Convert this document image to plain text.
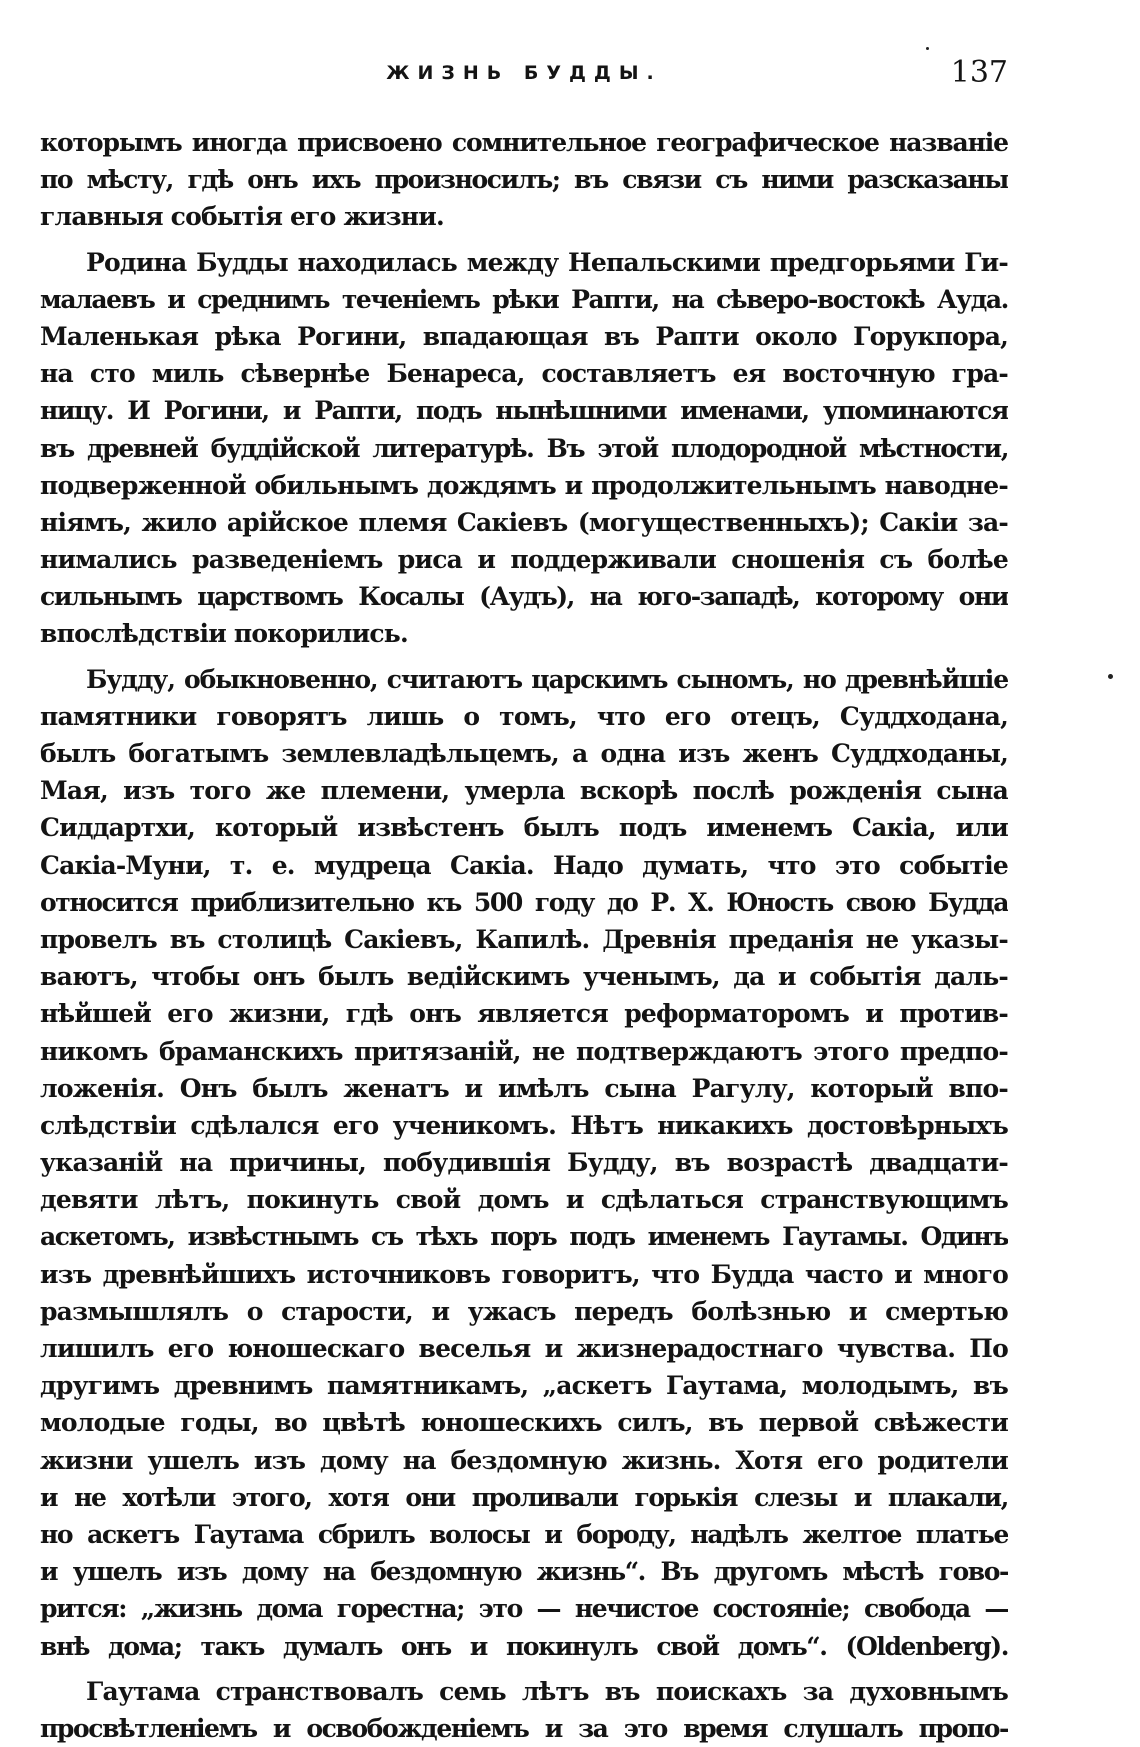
ЖИЗНЬ БУДДЫ.	137
которымъ иногда присвоено сомнительное географическое названіе
по мѣсту, гдѣ онъ ихъ произносилъ; въ связи съ ними разсказаны
главныя событія его жизни.
Родина Будды находилась между Непальскими предгорьями Ги-
малаевъ и среднимъ теченіемъ рѣки Рапти, на сѣверо-востокѣ Ауда.
Маленькая рѣка Рогини, впадающая въ Рапти около Горукпора,
на сто миль сѣвернѣе Бенареса, составляетъ ея восточную гра-
ницу. И Рогини, и Рапти, подъ нынѣшними именами, упоминаются
въ древней буддійской литературѣ. Въ этой плодородной мѣстности,
подверженной обильнымъ дождямъ и продолжительнымъ наводне-
ніямъ, жило арійское племя Сакіевъ (могущественныхъ); Сакіи за-
нимались разведеніемъ риса и поддерживали сношенія съ болѣе
сильнымъ царствомъ Косалы (Аудъ), на юго-западѣ, которому они
впослѣдствіи покорились.
Будду, обыкновенно, считаютъ царскимъ сыномъ, но древнѣйшіе
памятники говорятъ лишь о томъ, что его отецъ, Суддходана,
былъ богатымъ землевладѣльцемъ, а одна изъ женъ Суддходаны,
Мая, изъ того же племени, умерла вскорѣ послѣ рожденія сына
Сиддартхи, который извѣстенъ былъ подъ именемъ Сакіа, или
Сакіа-Муни, т. е. мудреца Сакіа. Надо думать, что это событіе
относится приблизительно къ 500 году до Р. Х. Юность свою Будда
провелъ въ столицѣ Сакіевъ, Капилѣ. Древнія преданія не указы-
ваютъ, чтобы онъ былъ ведійскимъ ученымъ, да и событія даль-
нѣйшей его жизни, гдѣ онъ является реформаторомъ и против-
никомъ браманскихъ притязаній, не подтверждаютъ этого предпо-
ложенія. Онъ былъ женатъ и имѣлъ сына Рагулу, который впо-
слѣдствіи сдѣлался его ученикомъ. Нѣтъ никакихъ достовѣрныхъ
указаній на причины, побудившія Будду, въ возрастѣ двадцати-
девяти лѣтъ, покинуть свой домъ и сдѣлаться странствующимъ
аскетомъ, извѣстнымъ съ тѣхъ поръ подъ именемъ Гаутамы. Одинъ
изъ древнѣйшихъ источниковъ говоритъ, что Будда часто и много
размышлялъ о старости, и ужасъ передъ болѣзнью и смертью
лишилъ его юношескаго веселья и жизнерадостнаго чувства. По
другимъ древнимъ памятникамъ, „аскетъ Гаутама, молодымъ, въ
молодые годы, во цвѣтѣ юношескихъ силъ, въ первой свѣжести
жизни ушелъ изъ дому на бездомную жизнь. Хотя его родители
и не хотѣли этого, хотя они проливали горькія слезы и плакали,
но аскетъ Гаутама сбрилъ волосы и бороду, надѣлъ желтое платье
и ушелъ изъ дому на бездомную жизнь“. Въ другомъ мѣстѣ гово-
рится: „жизнь дома горестна; это — нечистое состояніе; свобода —
внѣ дома; такъ думалъ онъ и покинулъ свой домъ“. (Oldenberg).
Гаутама странствовалъ семь лѣтъ въ поискахъ за духовнымъ
просвѣтленіемъ и освобожденіемъ и за это время слушалъ пропо-
